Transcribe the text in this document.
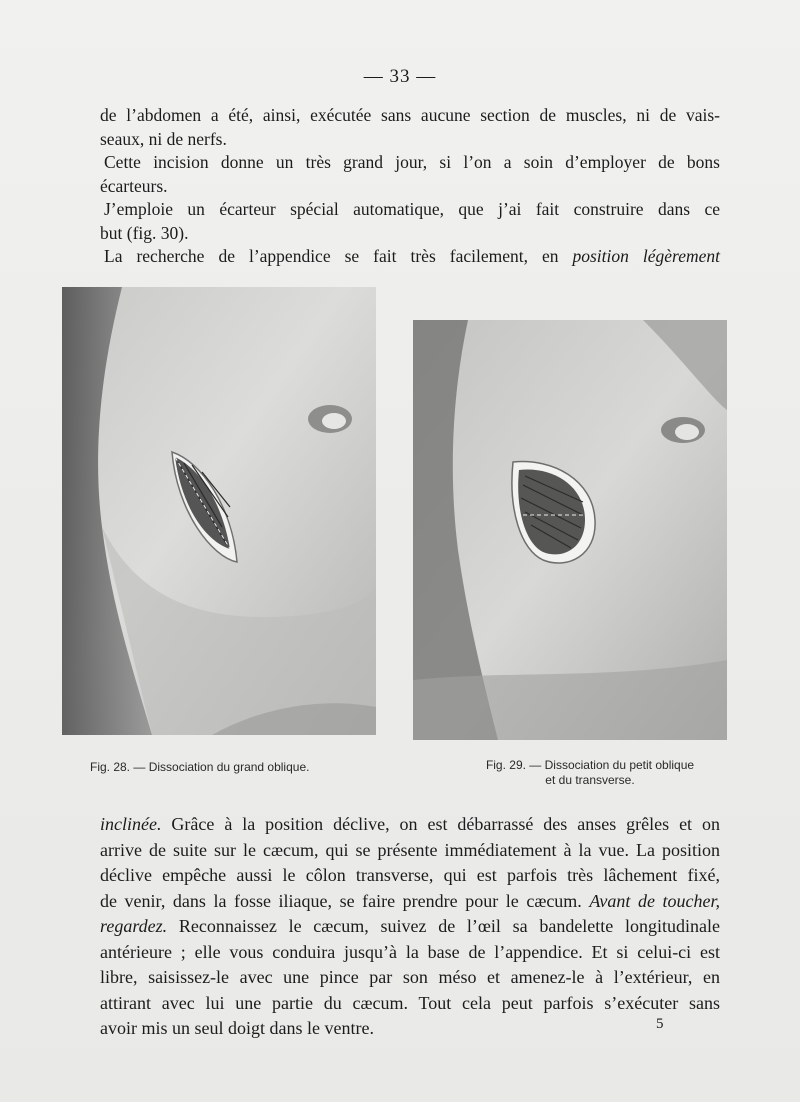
— 33 —
de l’abdomen a été, ainsi, exécutée sans aucune section de muscles, ni de vais-
seaux, ni de nerfs.
Cette incision donne un très grand jour, si l’on a soin d’employer de bons
écarteurs.
J’emploie un écarteur spécial automatique, que j’ai fait construire dans ce
but (fig. 30).
La recherche de l’appendice se fait très facilement, en position légèrement
Fig. 28. — Dissociation du grand oblique.	Fig. 29. — Dissociation du petit oblique
et du transverse.
inclinée. Grâce à la position déclive, on est débarrassé des anses grêles et on
arrive de suite sur le cæcum, qui se présente immédiatement à la vue. La position
déclive empêche aussi le côlon transverse, qui est parfois très lâchement fixé,
de venir, dans la fosse iliaque, se faire prendre pour le cæcum. Avant de toucher,
regardez. Reconnaissez le cæcum, suivez de l’œil sa bandelette longitudinale
antérieure ; elle vous conduira jusqu’à la base de l’appendice. Et si celui-ci est
libre, saisissez-le avec une pince par son méso et amenez-le à l’extérieur, en
attirant avec lui une partie du cæcum. Tout cela peut parfois s’exécuter sans
avoir mis un seul doigt dans le ventre.	5
